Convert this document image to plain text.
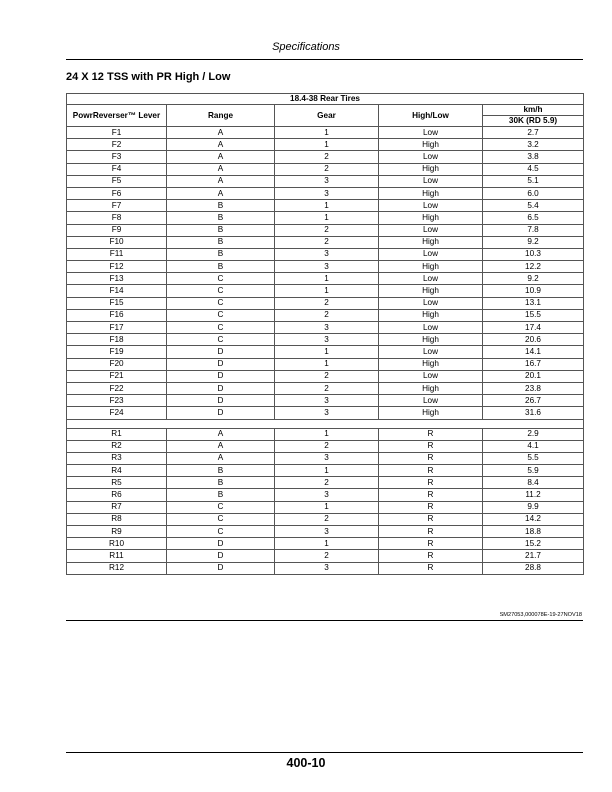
Specifications
24 X 12 TSS with PR High / Low
18.4-38 Rear Tires				
PowrReverser™ Lever	Range	Gear	High/Low	km/h
				30K (RD 5.9)
F1	A	1	Low	2.7
F2	A	1	High	3.2
F3	A	2	Low	3.8
F4	A	2	High	4.5
F5	A	3	Low	5.1
F6	A	3	High	6.0
F7	B	1	Low	5.4
F8	B	1	High	6.5
F9	B	2	Low	7.8
F10	B	2	High	9.2
F11	B	3	Low	10.3
F12	B	3	High	12.2
F13	C	1	Low	9.2
F14	C	1	High	10.9
F15	C	2	Low	13.1
F16	C	2	High	15.5
F17	C	3	Low	17.4
F18	C	3	High	20.6
F19	D	1	Low	14.1
F20	D	1	High	16.7
F21	D	2	Low	20.1
F22	D	2	High	23.8
F23	D	3	Low	26.7
F24	D	3	High	31.6

R1	A	1	R	2.9
R2	A	2	R	4.1
R3	A	3	R	5.5
R4	B	1	R	5.9
R5	B	2	R	8.4
R6	B	3	R	11.2
R7	C	1	R	9.9
R8	C	2	R	14.2
R9	C	3	R	18.8
R10	D	1	R	15.2
R11	D	2	R	21.7
R12	D	3	R	28.8
SM27053,000078E-19-27NOV18
400-10
